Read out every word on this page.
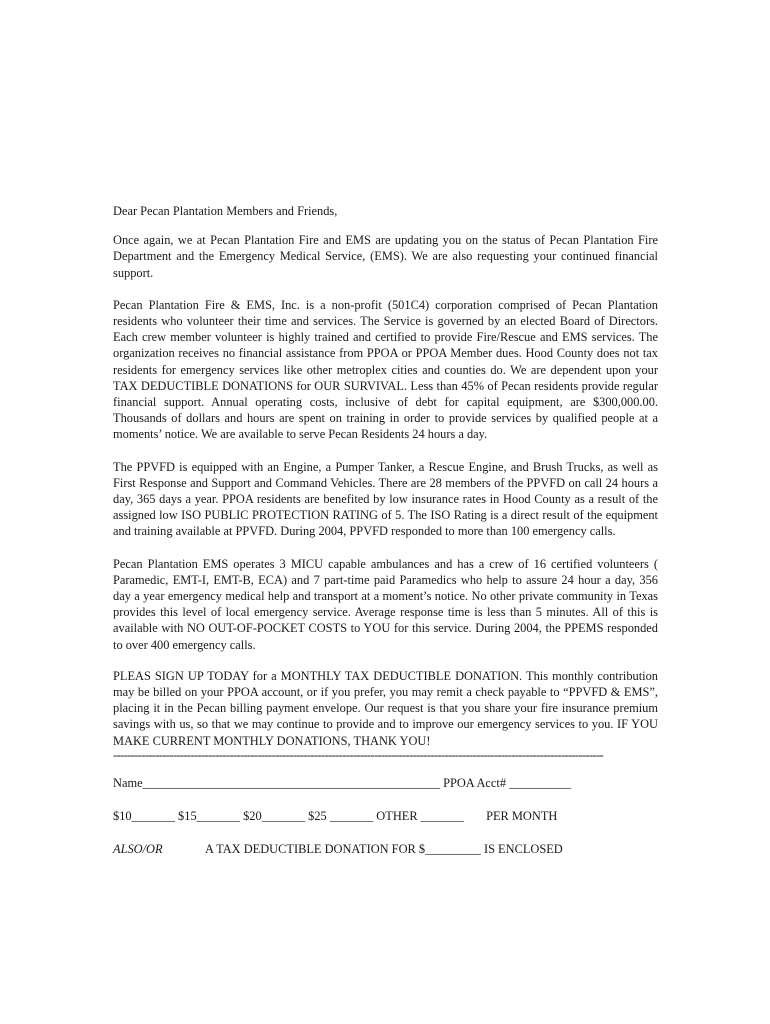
Dear Pecan Plantation Members and Friends,

Once again, we at Pecan Plantation Fire and EMS are updating you on the status of Pecan Plantation Fire Department and the Emergency Medical Service, (EMS). We are also requesting your continued financial support.

Pecan Plantation Fire & EMS, Inc. is a non-profit (501C4) corporation comprised of Pecan Plantation residents who volunteer their time and services. The Service is governed by an elected Board of Directors. Each crew member volunteer is highly trained and certified to provide Fire/Rescue and EMS services. The organization receives no financial assistance from PPOA or PPOA Member dues. Hood County does not tax residents for emergency services like other metroplex cities and counties do. We are dependent upon your TAX DEDUCTIBLE DONATIONS for OUR SURVIVAL. Less than 45% of Pecan residents provide regular financial support. Annual operating costs, inclusive of debt for capital equipment, are $300,000.00. Thousands of dollars and hours are spent on training in order to provide services by qualified people at a moments’ notice. We are available to serve Pecan Residents 24 hours a day.

The PPVFD is equipped with an Engine, a Pumper Tanker, a Rescue Engine, and Brush Trucks, as well as First Response and Support and Command Vehicles. There are 28 members of the PPVFD on call 24 hours a day, 365 days a year. PPOA residents are benefited by low insurance rates in Hood County as a result of the assigned low ISO PUBLIC PROTECTION RATING of 5. The ISO Rating is a direct result of the equipment and training available at PPVFD. During 2004, PPVFD responded to more than 100 emergency calls.

Pecan Plantation EMS operates 3 MICU capable ambulances and has a crew of 16 certified volunteers ( Paramedic, EMT-I, EMT-B, ECA) and 7 part-time paid Paramedics who help to assure 24 hour a day, 356 day a year emergency medical help and transport at a moment’s notice. No other private community in Texas provides this level of local emergency service. Average response time is less than 5 minutes. All of this is available with NO OUT-OF-POCKET COSTS to YOU for this service. During 2004, the PPEMS responded to over 400 emergency calls.

PLEAS SIGN UP TODAY for a MONTHLY TAX DEDUCTIBLE DONATION. This monthly contribution may be billed on your PPOA account, or if you prefer, you may remit a check payable to “PPVFD & EMS”, placing it in the Pecan billing payment envelope. Our request is that you share your fire insurance premium savings with us, so that we may continue to provide and to improve our emergency services to you. IF YOU MAKE CURRENT MONTHLY DONATIONS, THANK YOU!

-------------------------------------------------------------------------------------------------------------------------------------------

Name________________________________________________ PPOA Acct# __________

$10_______ $15_______ $20_______ $25 _______ OTHER _______ PER MONTH

ALSO/OR	A TAX DEDUCTIBLE DONATION FOR $_________ IS ENCLOSED
